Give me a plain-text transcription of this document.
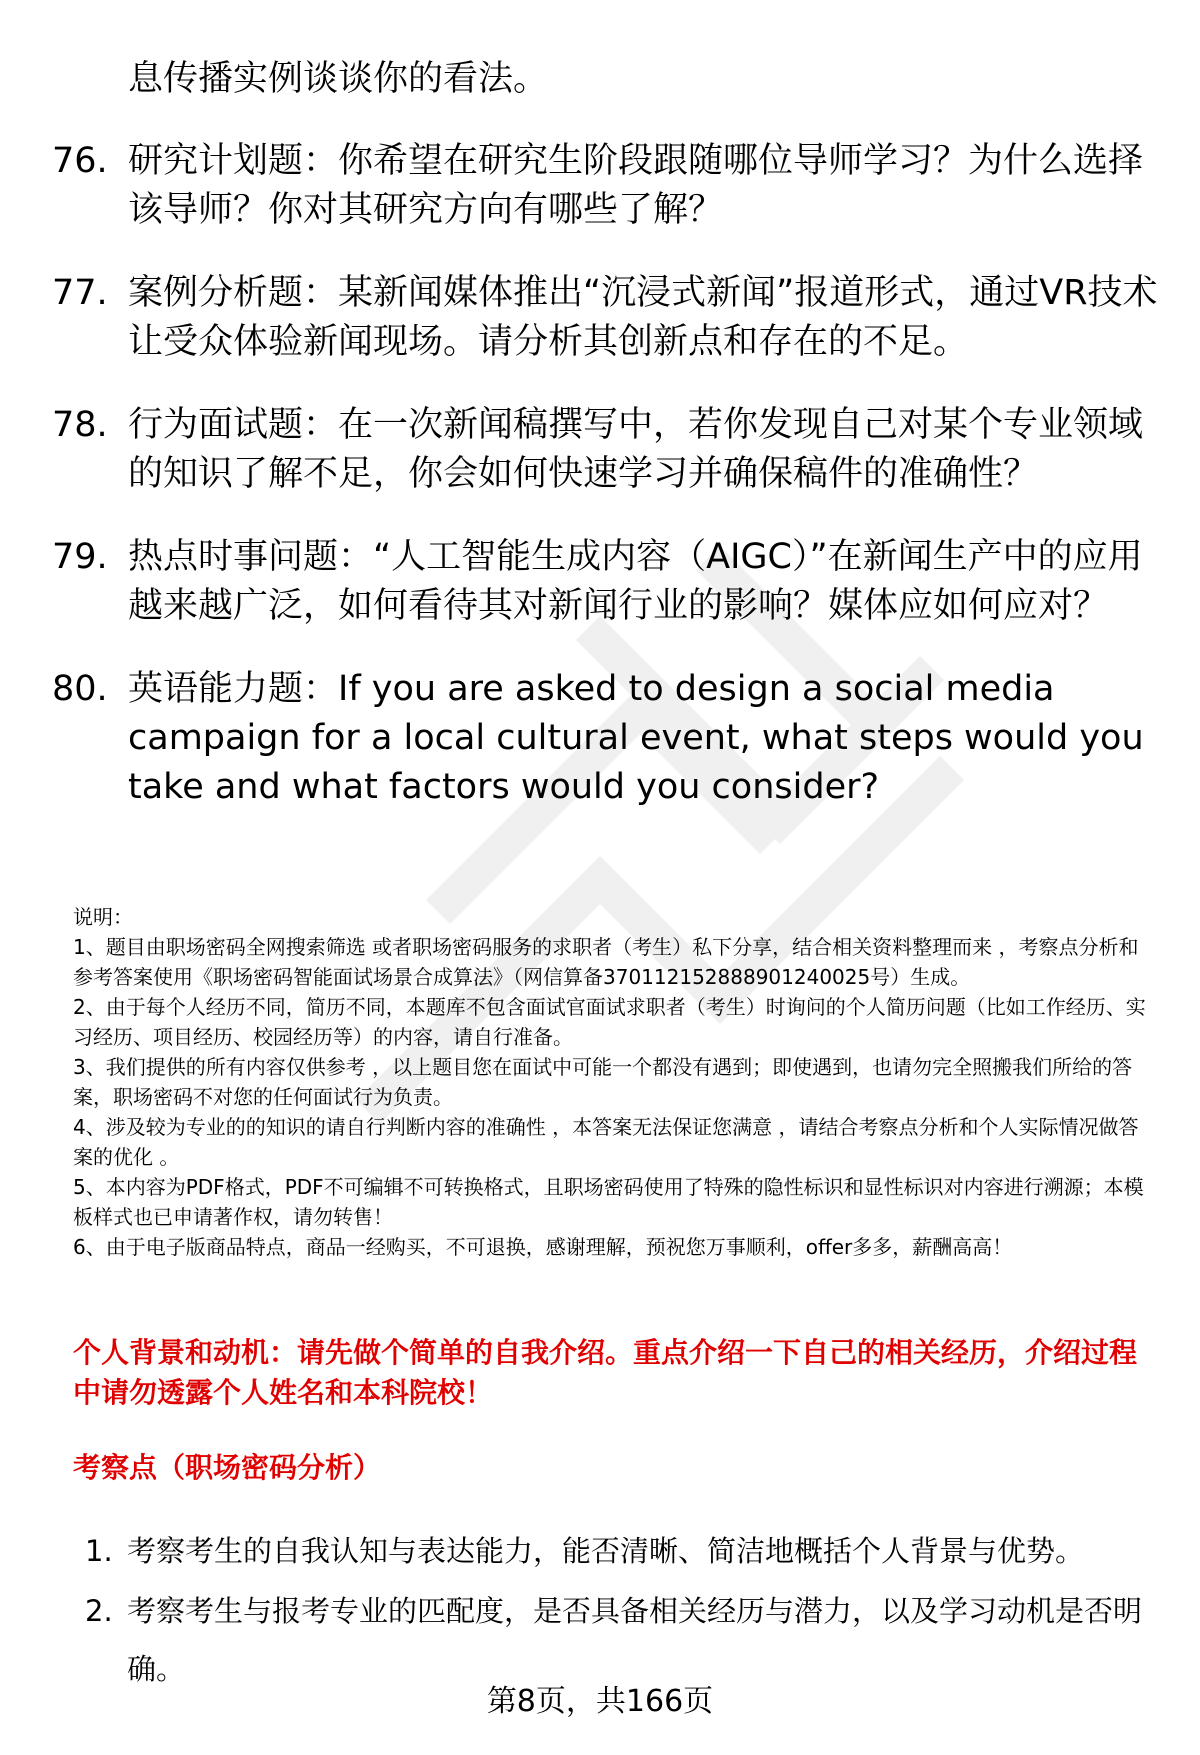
息传播实例谈谈你的看法。
76. 研究计划题：你希望在研究生阶段跟随哪位导师学习？为什么选择该导师？你对其研究方向有哪些了解？
77. 案例分析题：某新闻媒体推出“沉浸式新闻”报道形式，通过VR技术让受众体验新闻现场。请分析其创新点和存在的不足。
78. 行为面试题：在一次新闻稿撰写中，若你发现自己对某个专业领域的知识了解不足，你会如何快速学习并确保稿件的准确性？
79. 热点时事问题：“人工智能生成内容（AIGC）”在新闻生产中的应用越来越广泛，如何看待其对新闻行业的影响？媒体应如何应对？
80. 英语能力题：If you are asked to design a social media campaign for a local cultural event, what steps would you take and what factors would you consider?

说明：

1、题目由职场密码全网搜索筛选 或者职场密码服务的求职者（考生）私下分享，结合相关资料整理而来 ，考察点分析和参考答案使用《职场密码智能面试场景合成算法》（网信算备370112152888901240025号）生成。

2、由于每个人经历不同，简历不同，本题库不包含面试官面试求职者（考生）时询问的个人简历问题（比如工作经历、实习经历、项目经历、校园经历等）的内容，请自行准备。

3、我们提供的所有内容仅供参考 ，以上题目您在面试中可能一个都没有遇到；即使遇到，也请勿完全照搬我们所给的答案，职场密码不对您的任何面试行为负责。

4、涉及较为专业的的知识的请自行判断内容的准确性 ，本答案无法保证您满意 ，请结合考察点分析和个人实际情况做答案的优化 。

5、本内容为PDF格式，PDF不可编辑不可转换格式，且职场密码使用了特殊的隐性标识和显性标识对内容进行溯源；本模板样式也已申请著作权，请勿转售！

6、由于电子版商品特点，商品一经购买，不可退换，感谢理解，预祝您万事顺利，offer多多，薪酬高高！

个人背景和动机：请先做个简单的自我介绍。重点介绍一下自己的相关经历，介绍过程中请勿透露个人姓名和本科院校！
考察点（职场密码分析）
1. 考察考生的自我认知与表达能力，能否清晰、简洁地概括个人背景与优势。
2. 考察考生与报考专业的匹配度，是否具备相关经历与潜力，以及学习动机是否明确。
第8页，共166页
